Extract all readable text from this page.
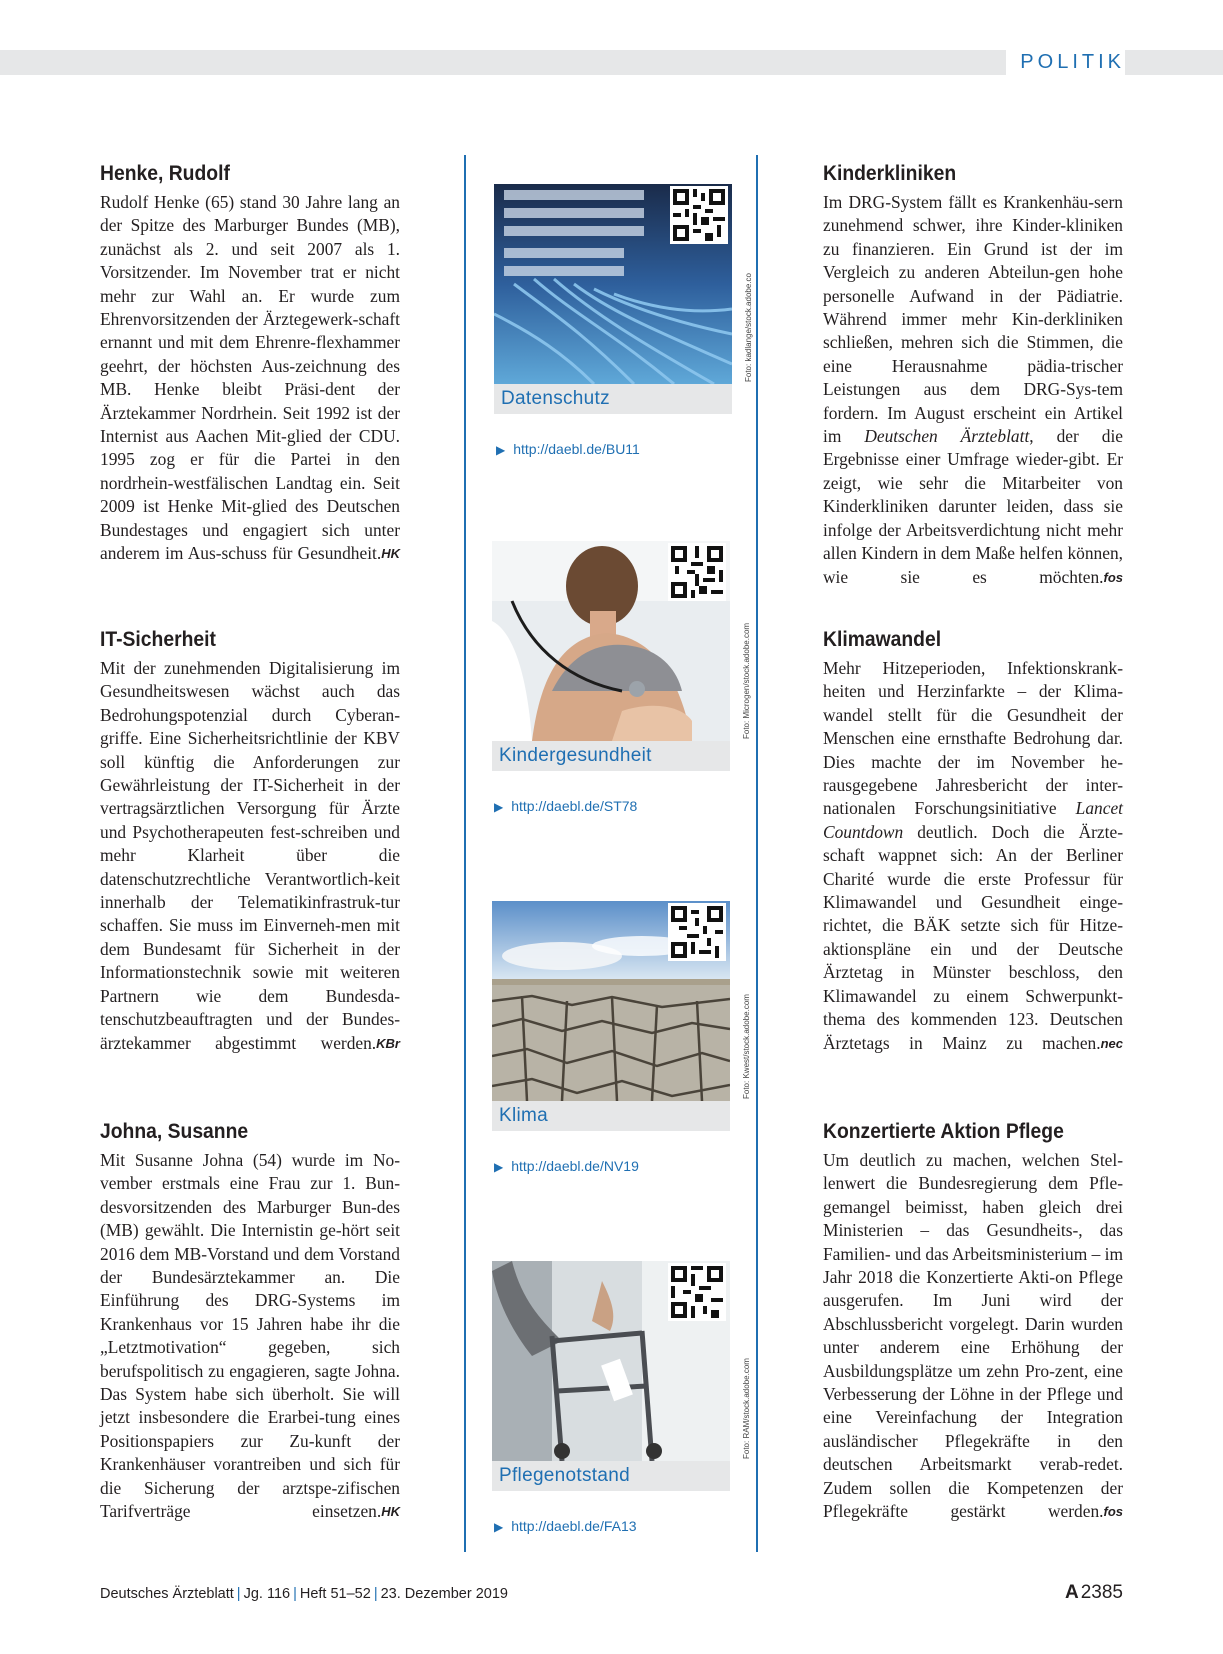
POLITIK
Henke, Rudolf

Rudolf Henke (65) stand 30 Jahre lang an der Spitze des Marburger Bundes (MB), zunächst als 2. und seit 2007 als 1. Vorsitzender. Im November trat er nicht mehr zur Wahl an. Er wurde zum Ehrenvorsitzenden der Ärztegewerk-schaft ernannt und mit dem Ehrenre-flexhammer geehrt, der höchsten Aus-zeichnung des MB. Henke bleibt Präsi-dent der Ärztekammer Nordrhein. Seit 1992 ist der Internist aus Aachen Mit-glied der CDU. 1995 zog er für die Partei in den nordrhein-westfälischen Landtag ein. Seit 2009 ist Henke Mit-glied des Deutschen Bundestages und engagiert sich unter anderem im Aus-schuss für Gesundheit. HK

IT-Sicherheit

Mit der zunehmenden Digitalisierung im Gesundheitswesen wächst auch das Bedrohungspotenzial durch Cyberan-griffe. Eine Sicherheitsrichtlinie der KBV soll künftig die Anforderungen zur Gewährleistung der IT-Sicherheit in der vertragsärztlichen Versorgung für Ärzte und Psychotherapeuten fest-schreiben und mehr Klarheit über die datenschutzrechtliche Verantwortlich-keit innerhalb der Telematikinfrastruk-tur schaffen. Sie muss im Einverneh-men mit dem Bundesamt für Sicherheit in der Informationstechnik sowie mit weiteren Partnern wie dem Bundesda-tenschutzbeauftragten und der Bundes-ärztekammer abgestimmt werden. KBr

Johna, Susanne

Mit Susanne Johna (54) wurde im No-vember erstmals eine Frau zur 1. Bun-desvorsitzenden des Marburger Bun-des (MB) gewählt. Die Internistin ge-hört seit 2016 dem MB-Vorstand und dem Vorstand der Bundesärztekammer an. Die Einführung des DRG-Systems im Krankenhaus vor 15 Jahren habe ihr die „Letztmotivation“ gegeben, sich berufspolitisch zu engagieren, sagte Johna. Das System habe sich überholt. Sie will jetzt insbesondere die Erarbei-tung eines Positionspapiers zur Zu-kunft der Krankenhäuser vorantreiben und sich für die Sicherung der arztspe-zifischen Tarifverträge einsetzen. HK

Datenschutz
Foto: kadlange/stock.adobe.co
▶ http://daebl.de/BU11
Kindergesundheit
Foto: Microgen/stock.adobe.com
▶ http://daebl.de/ST78
Klima
Foto: Kwest/stock.adobe.com
▶ http://daebl.de/NV19
Pflegenotstand
Foto: RAM/stock.adobe.com
▶ http://daebl.de/FA13
Kinderkliniken

Im DRG-System fällt es Krankenhäu-sern zunehmend schwer, ihre Kinder-kliniken zu finanzieren. Ein Grund ist der im Vergleich zu anderen Abteilun-gen hohe personelle Aufwand in der Pädiatrie. Während immer mehr Kin-derkliniken schließen, mehren sich die Stimmen, die eine Herausnahme pädia-trischer Leistungen aus dem DRG-Sys-tem fordern. Im August erscheint ein Artikel im Deutschen Ärzteblatt, der die Ergebnisse einer Umfrage wieder-gibt. Er zeigt, wie sehr die Mitarbeiter von Kinderkliniken darunter leiden, dass sie infolge der Arbeitsverdichtung nicht mehr allen Kindern in dem Maße helfen können, wie sie es möchten. fos

Klimawandel

Mehr Hitzeperioden, Infektionskrank-heiten und Herzinfarkte – der Klima-wandel stellt für die Gesundheit der Menschen eine ernsthafte Bedrohung dar. Dies machte der im November he-rausgegebene Jahresbericht der inter-nationalen Forschungsinitiative Lancet Countdown deutlich. Doch die Ärzte-schaft wappnet sich: An der Berliner Charité wurde die erste Professur für Klimawandel und Gesundheit einge-richtet, die BÄK setzte sich für Hitze-aktionspläne ein und der Deutsche Ärztetag in Münster beschloss, den Klimawandel zu einem Schwerpunkt-thema des kommenden 123. Deutschen Ärztetags in Mainz zu machen. nec

Konzertierte Aktion Pflege

Um deutlich zu machen, welchen Stel-lenwert die Bundesregierung dem Pfle-gemangel beimisst, haben gleich drei Ministerien – das Gesundheits-, das Familien- und das Arbeitsministerium – im Jahr 2018 die Konzertierte Akti-on Pflege ausgerufen. Im Juni wird der Abschlussbericht vorgelegt. Darin wurden unter anderem eine Erhöhung der Ausbildungsplätze um zehn Pro-zent, eine Verbesserung der Löhne in der Pflege und eine Vereinfachung der Integration ausländischer Pflegekräfte in den deutschen Arbeitsmarkt verab-redet. Zudem sollen die Kompetenzen der Pflegekräfte gestärkt werden. fos

Deutsches Ärzteblatt | Jg. 116 | Heft 51–52 | 23. Dezember 2019	A 2385
